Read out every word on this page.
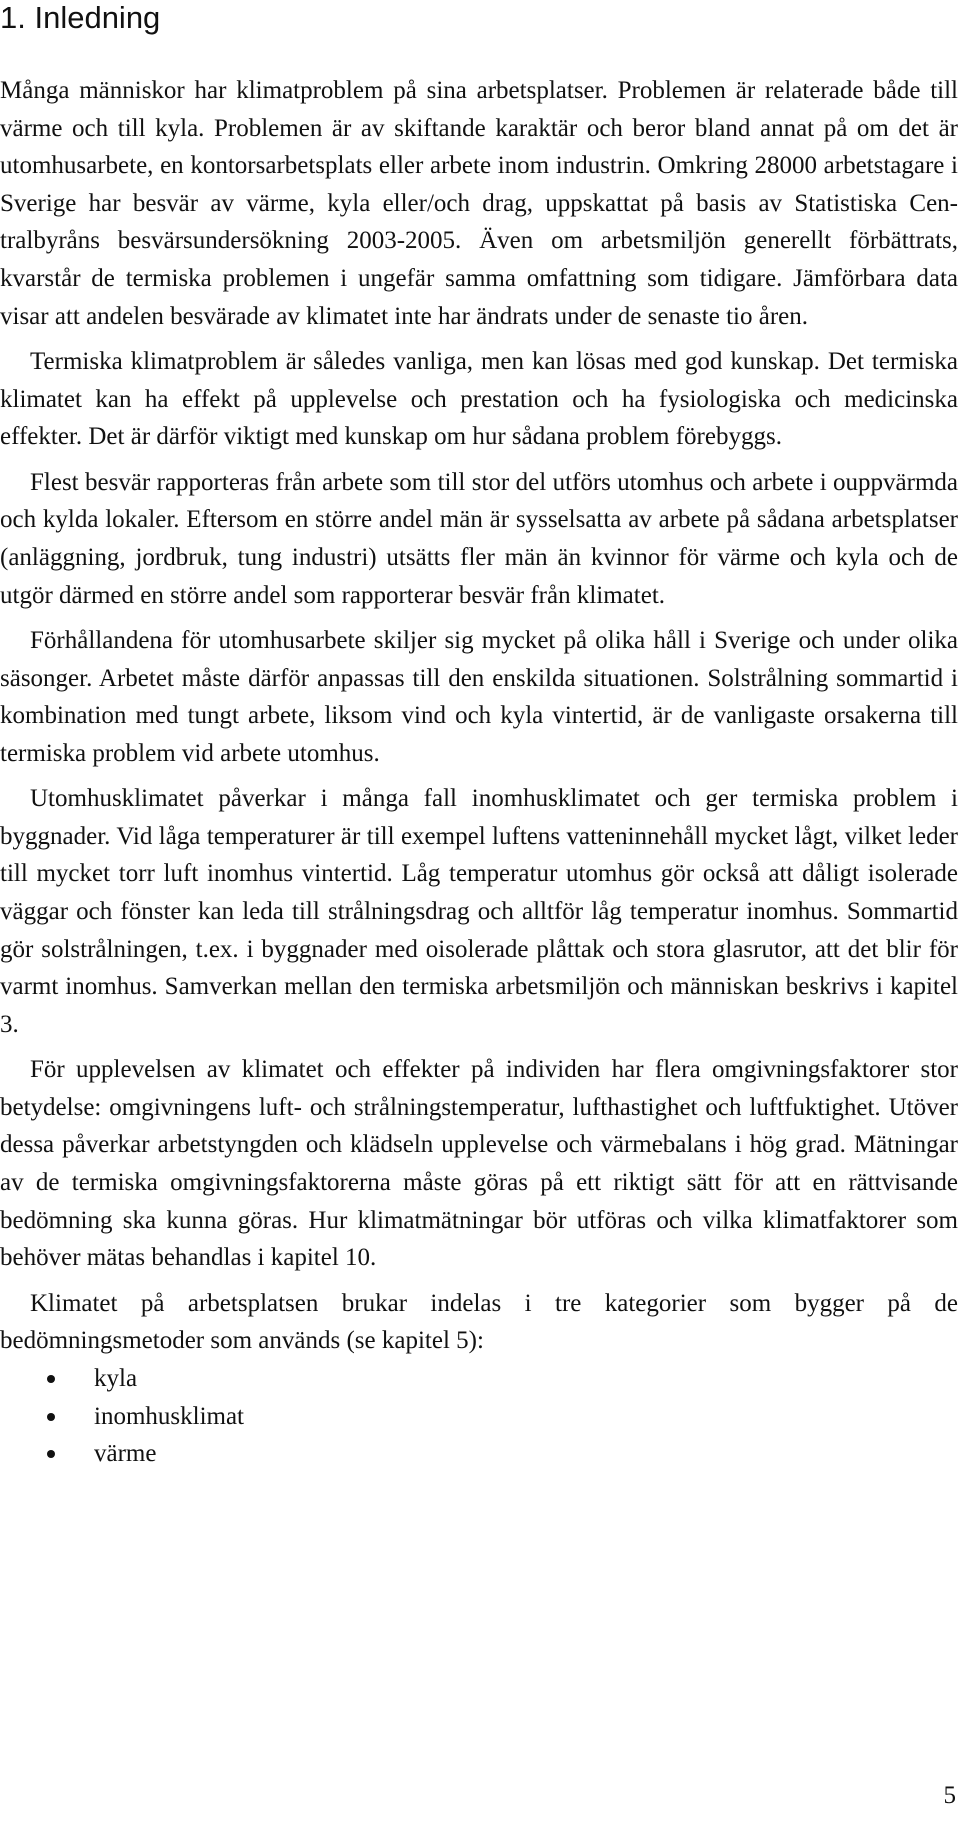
1. Inledning

Många människor har klimatproblem på sina arbetsplatser. Problemen är relaterade både till värme och till kyla. Problemen är av skiftande karaktär och beror bland annat på om det är utomhusarbete, en kontorsarbetsplats eller arbete inom industrin. Omkring 28000 arbetstagare i Sverige har besvär av värme, kyla eller/och drag, uppskattat på basis av Statistiska Centralbyråns besvärsundersökning 2003-2005. Även om arbetsmiljön generellt förbättrats, kvarstår de termiska problemen i ungefär samma omfattning som tidigare. Jämförbara data visar att andelen besvärade av klimatet inte har ändrats under de senaste tio åren.

Termiska klimatproblem är således vanliga, men kan lösas med god kunskap. Det termiska klimatet kan ha effekt på upplevelse och prestation och ha fysiologiska och medicinska effekter. Det är därför viktigt med kunskap om hur sådana problem förebyggs.

Flest besvär rapporteras från arbete som till stor del utförs utomhus och arbete i ouppvärmda och kylda lokaler. Eftersom en större andel män är sysselsatta av arbete på sådana arbetsplatser (anläggning, jordbruk, tung industri) utsätts fler män än kvinnor för värme och kyla och de utgör därmed en större andel som rapporterar besvär från klimatet.

Förhållandena för utomhusarbete skiljer sig mycket på olika håll i Sverige och under olika säsonger. Arbetet måste därför anpassas till den enskilda situationen. Solstrålning sommartid i kombination med tungt arbete, liksom vind och kyla vintertid, är de vanligaste orsakerna till termiska problem vid arbete utomhus.

Utomhusklimatet påverkar i många fall inomhusklimatet och ger termiska problem i byggnader. Vid låga temperaturer är till exempel luftens vatteninnehåll mycket lågt, vilket leder till mycket torr luft inomhus vintertid. Låg temperatur utomhus gör också att dåligt isolerade väggar och fönster kan leda till strålningsdrag och alltför låg temperatur inomhus. Sommartid gör solstrålningen, t.ex. i byggnader med oisolerade plåttak och stora glasrutor, att det blir för varmt inomhus. Samverkan mellan den termiska arbetsmiljön och människan beskrivs i kapitel 3.

För upplevelsen av klimatet och effekter på individen har flera omgivningsfaktorer stor betydelse: omgivningens luft- och strålningstemperatur, lufthastighet och luftfuktighet. Utöver dessa påverkar arbetstyngden och klädseln upplevelse och värmebalans i hög grad. Mätningar av de termiska omgivningsfaktorerna måste göras på ett riktigt sätt för att en rättvisande bedömning ska kunna göras. Hur klimatmätningar bör utföras och vilka klimatfaktorer som behöver mätas behandlas i kapitel 10.

Klimatet på arbetsplatsen brukar indelas i tre kategorier som bygger på de bedömningsmetoder som används (se kapitel 5):

kyla
inomhusklimat
värme
5
